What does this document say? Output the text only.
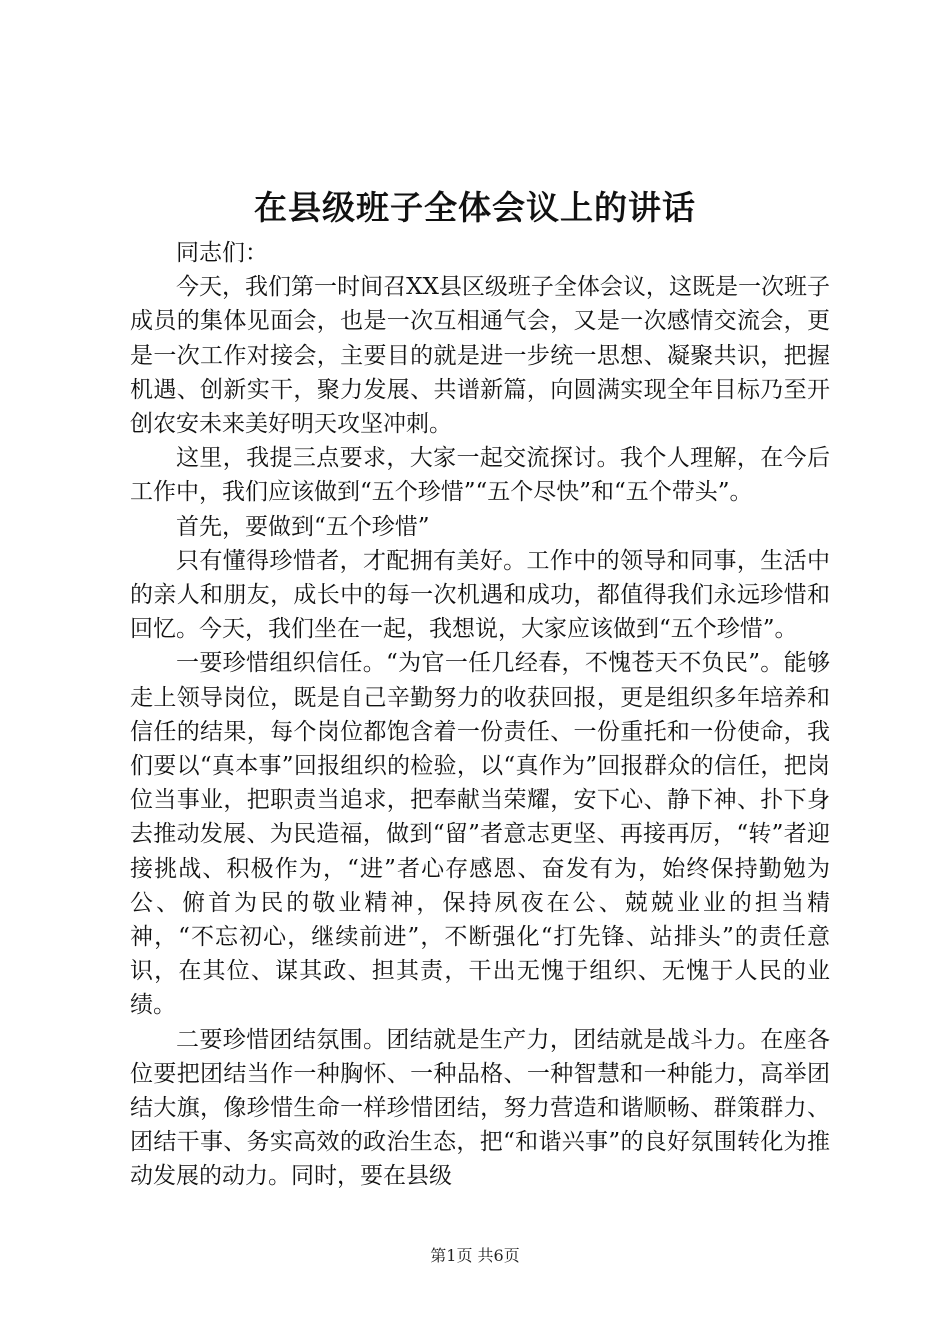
在县级班子全体会议上的讲话

同志们：

今天，我们第一时间召XX县区级班子全体会议，这既是一次班子成员的集体见面会，也是一次互相通气会，又是一次感情交流会，更是一次工作对接会，主要目的就是进一步统一思想、凝聚共识，把握机遇、创新实干，聚力发展、共谱新篇，向圆满实现全年目标乃至开创农安未来美好明天攻坚冲刺。

这里，我提三点要求，大家一起交流探讨。我个人理解，在今后工作中，我们应该做到“五个珍惜”“五个尽快”和“五个带头”。

首先，要做到“五个珍惜”

只有懂得珍惜者，才配拥有美好。工作中的领导和同事，生活中的亲人和朋友，成长中的每一次机遇和成功，都值得我们永远珍惜和回忆。今天，我们坐在一起，我想说，大家应该做到“五个珍惜”。

一要珍惜组织信任。“为官一任几经春，不愧苍天不负民”。能够走上领导岗位，既是自己辛勤努力的收获回报，更是组织多年培养和信任的结果，每个岗位都饱含着一份责任、一份重托和一份使命，我们要以“真本事”回报组织的检验，以“真作为”回报群众的信任，把岗位当事业，把职责当追求，把奉献当荣耀，安下心、静下神、扑下身去推动发展、为民造福，做到“留”者意志更坚、再接再厉，“转”者迎接挑战、积极作为，“进”者心存感恩、奋发有为，始终保持勤勉为公、俯首为民的敬业精神，保持夙夜在公、兢兢业业的担当精神，“不忘初心，继续前进”，不断强化“打先锋、站排头”的责任意识，在其位、谋其政、担其责，干出无愧于组织、无愧于人民的业绩。

二要珍惜团结氛围。团结就是生产力，团结就是战斗力。在座各位要把团结当作一种胸怀、一种品格、一种智慧和一种能力，高举团结大旗，像珍惜生命一样珍惜团结，努力营造和谐顺畅、群策群力、团结干事、务实高效的政治生态，把“和谐兴事”的良好氛围转化为推动发展的动力。同时，要在县级

第1页 共6页
